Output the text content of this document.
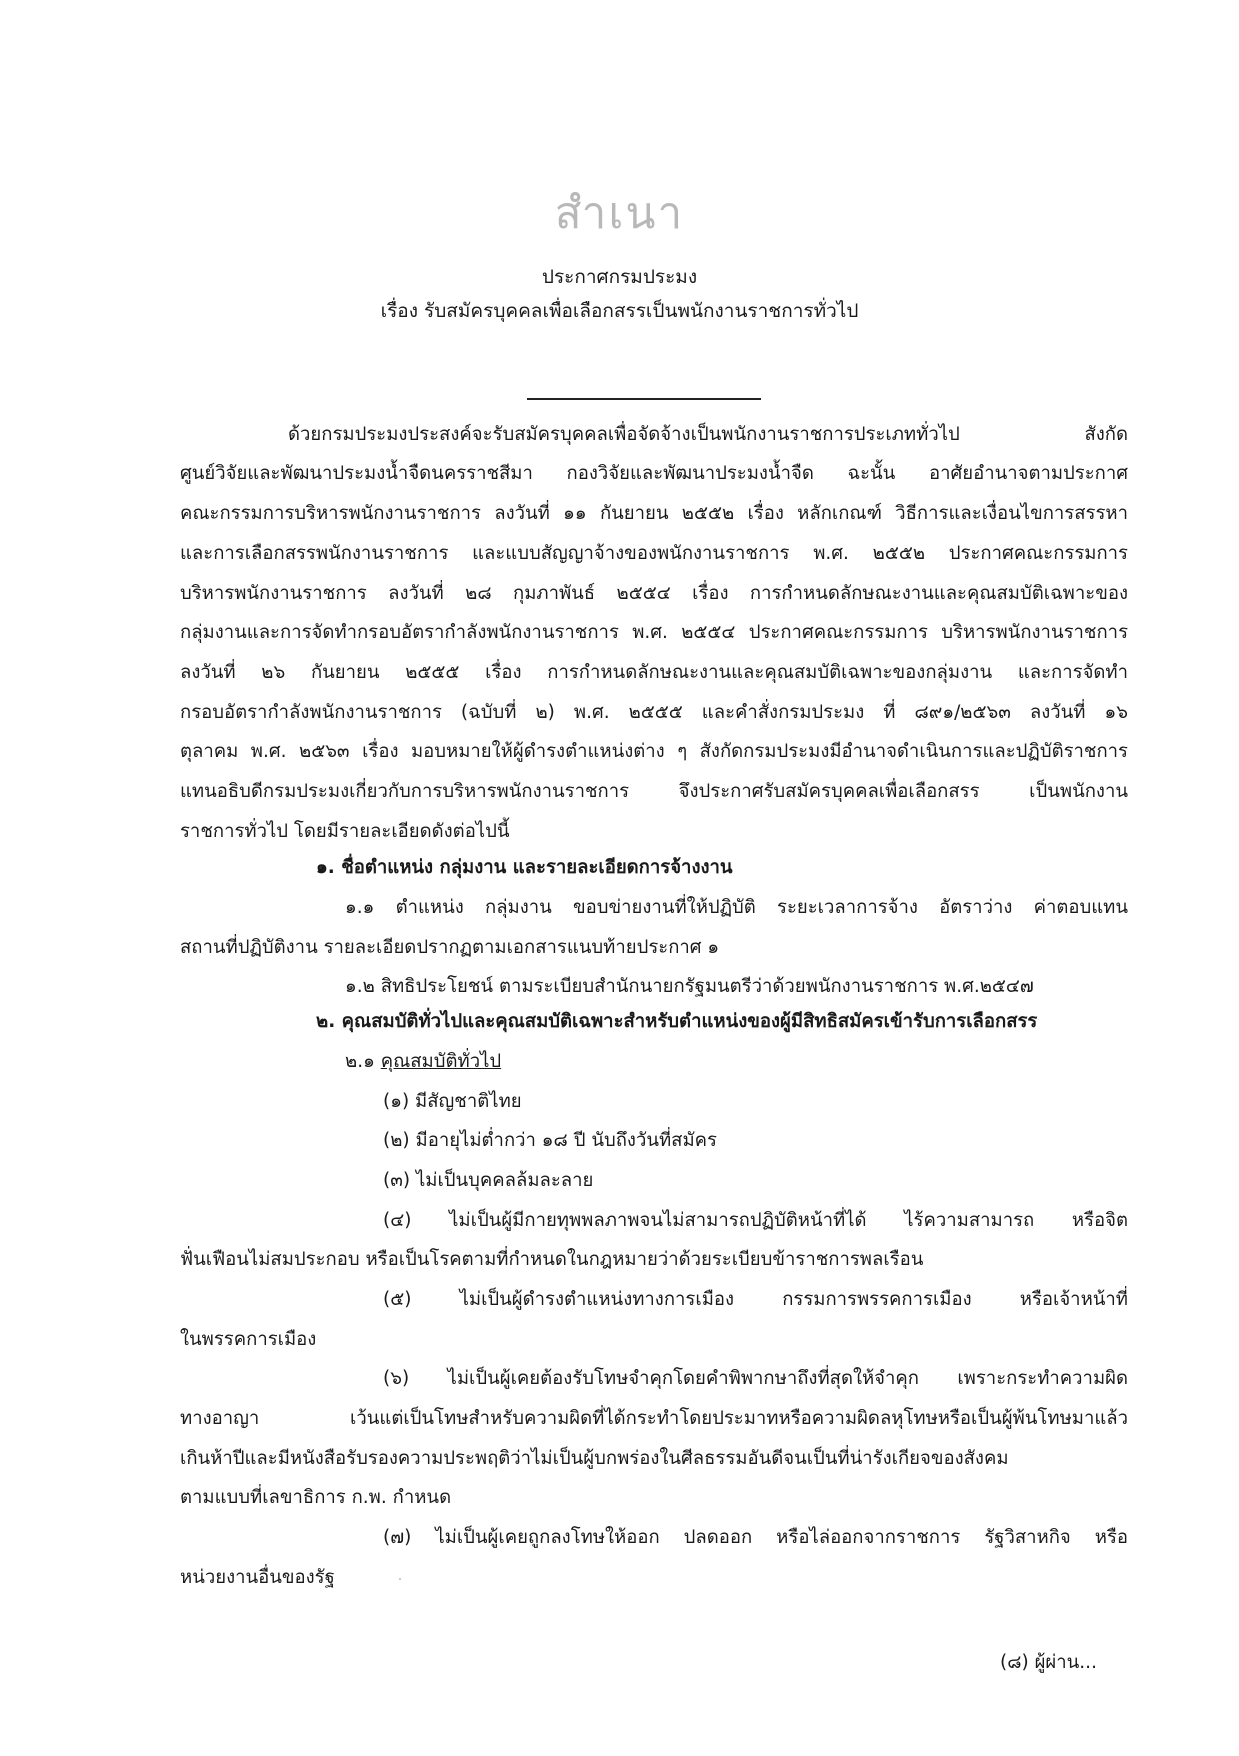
สำเนา
ประกาศกรมประมง
เรื่อง รับสมัครบุคคลเพื่อเลือกสรรเป็นพนักงานราชการทั่วไป
ด้วยกรมประมงประสงค์จะรับสมัครบุคคลเพื่อจัดจ้างเป็นพนักงานราชการประเภททั่วไป สังกัด
ศูนย์วิจัยและพัฒนาประมงน้ำจืดนครราชสีมา กองวิจัยและพัฒนาประมงน้ำจืด ฉะนั้น อาศัยอำนาจตามประกาศ
คณะกรรมการบริหารพนักงานราชการ ลงวันที่ ๑๑ กันยายน ๒๕๕๒ เรื่อง หลักเกณฑ์ วิธีการและเงื่อนไขการสรรหา
และการเลือกสรรพนักงานราชการ และแบบสัญญาจ้างของพนักงานราชการ พ.ศ. ๒๕๕๒ ประกาศคณะกรรมการ
บริหารพนักงานราชการ ลงวันที่ ๒๘ กุมภาพันธ์ ๒๕๕๔ เรื่อง การกำหนดลักษณะงานและคุณสมบัติเฉพาะของ
กลุ่มงานและการจัดทำกรอบอัตรากำลังพนักงานราชการ พ.ศ. ๒๕๕๔ ประกาศคณะกรรมการ บริหารพนักงานราชการ
ลงวันที่ ๒๖ กันยายน ๒๕๕๕ เรื่อง การกำหนดลักษณะงานและคุณสมบัติเฉพาะของกลุ่มงาน และการจัดทำ
กรอบอัตรากำลังพนักงานราชการ (ฉบับที่ ๒) พ.ศ. ๒๕๕๕ และคำสั่งกรมประมง ที่ ๘๙๑/๒๕๖๓ ลงวันที่ ๑๖
ตุลาคม พ.ศ. ๒๕๖๓ เรื่อง มอบหมายให้ผู้ดำรงตำแหน่งต่าง ๆ สังกัดกรมประมงมีอำนาจดำเนินการและปฏิบัติราชการ
แทนอธิบดีกรมประมงเกี่ยวกับการบริหารพนักงานราชการ จึงประกาศรับสมัครบุคคลเพื่อเลือกสรร เป็นพนักงาน
ราชการทั่วไป โดยมีรายละเอียดดังต่อไปนี้
๑. ชื่อตำแหน่ง กลุ่มงาน และรายละเอียดการจ้างงาน
๑.๑ ตำแหน่ง กลุ่มงาน ขอบข่ายงานที่ให้ปฏิบัติ ระยะเวลาการจ้าง อัตราว่าง ค่าตอบแทน
สถานที่ปฏิบัติงาน รายละเอียดปรากฏตามเอกสารแนบท้ายประกาศ ๑
๑.๒ สิทธิประโยชน์ ตามระเบียบสำนักนายกรัฐมนตรีว่าด้วยพนักงานราชการ พ.ศ.๒๕๔๗
๒. คุณสมบัติทั่วไปและคุณสมบัติเฉพาะสำหรับตำแหน่งของผู้มีสิทธิสมัครเข้ารับการเลือกสรร
๒.๑ คุณสมบัติทั่วไป
(๑) มีสัญชาติไทย
(๒) มีอายุไม่ต่ำกว่า ๑๘ ปี นับถึงวันที่สมัคร
(๓) ไม่เป็นบุคคลล้มละลาย
(๔) ไม่เป็นผู้มีกายทุพพลภาพจนไม่สามารถปฏิบัติหน้าที่ได้ ไร้ความสามารถ หรือจิต
ฟั่นเฟือนไม่สมประกอบ หรือเป็นโรคตามที่กำหนดในกฎหมายว่าด้วยระเบียบข้าราชการพลเรือน
(๕) ไม่เป็นผู้ดำรงตำแหน่งทางการเมือง กรรมการพรรคการเมือง หรือเจ้าหน้าที่
ในพรรคการเมือง
(๖) ไม่เป็นผู้เคยต้องรับโทษจำคุกโดยคำพิพากษาถึงที่สุดให้จำคุก เพราะกระทำความผิด
ทางอาญา เว้นแต่เป็นโทษสำหรับความผิดที่ได้กระทำโดยประมาทหรือความผิดลหุโทษหรือเป็นผู้พ้นโทษมาแล้ว
เกินห้าปีและมีหนังสือรับรองความประพฤติว่าไม่เป็นผู้บกพร่องในศีลธรรมอันดีจนเป็นที่น่ารังเกียจของสังคม
ตามแบบที่เลขาธิการ ก.พ. กำหนด
(๗) ไม่เป็นผู้เคยถูกลงโทษให้ออก ปลดออก หรือไล่ออกจากราชการ รัฐวิสาหกิจ หรือ
หน่วยงานอื่นของรัฐ
(๘) ผู้ผ่าน...
